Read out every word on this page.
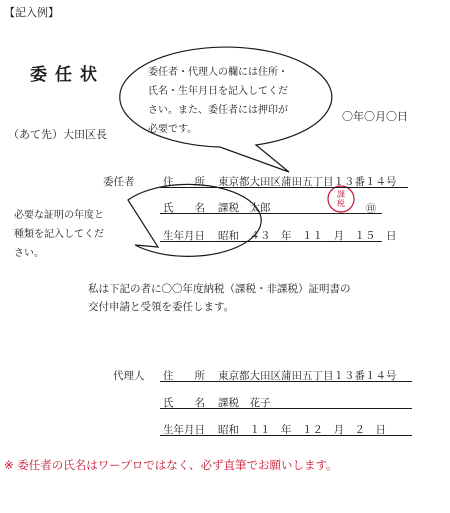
【記入例】
委任状
〇年〇月〇日
（あて先）大田区長
委任者・代理人の欄には住所・
氏名・生年月日を記入してくだ
さい。また、委任者には押印が
必要です。
必要な証明の年度と
種類を記入してくだ
さい。
委任者	住　　所 東京都大田区蒲田五丁目１３番１４号
氏　　名 課税　太郎
課
税
㊞
生年月日 昭和　４３　年　１１　月　１５　日
私は下記の者に〇〇年度納税（課税・非課税）証明書の
交付申請と受領を委任します。
代理人 住　　所 東京都大田区蒲田五丁目１３番１４号
氏　　名 課税　花子
生年月日 昭和　１１　年　１２　月　２　日
※ 委任者の氏名はワープロではなく、必ず直筆でお願いします。
